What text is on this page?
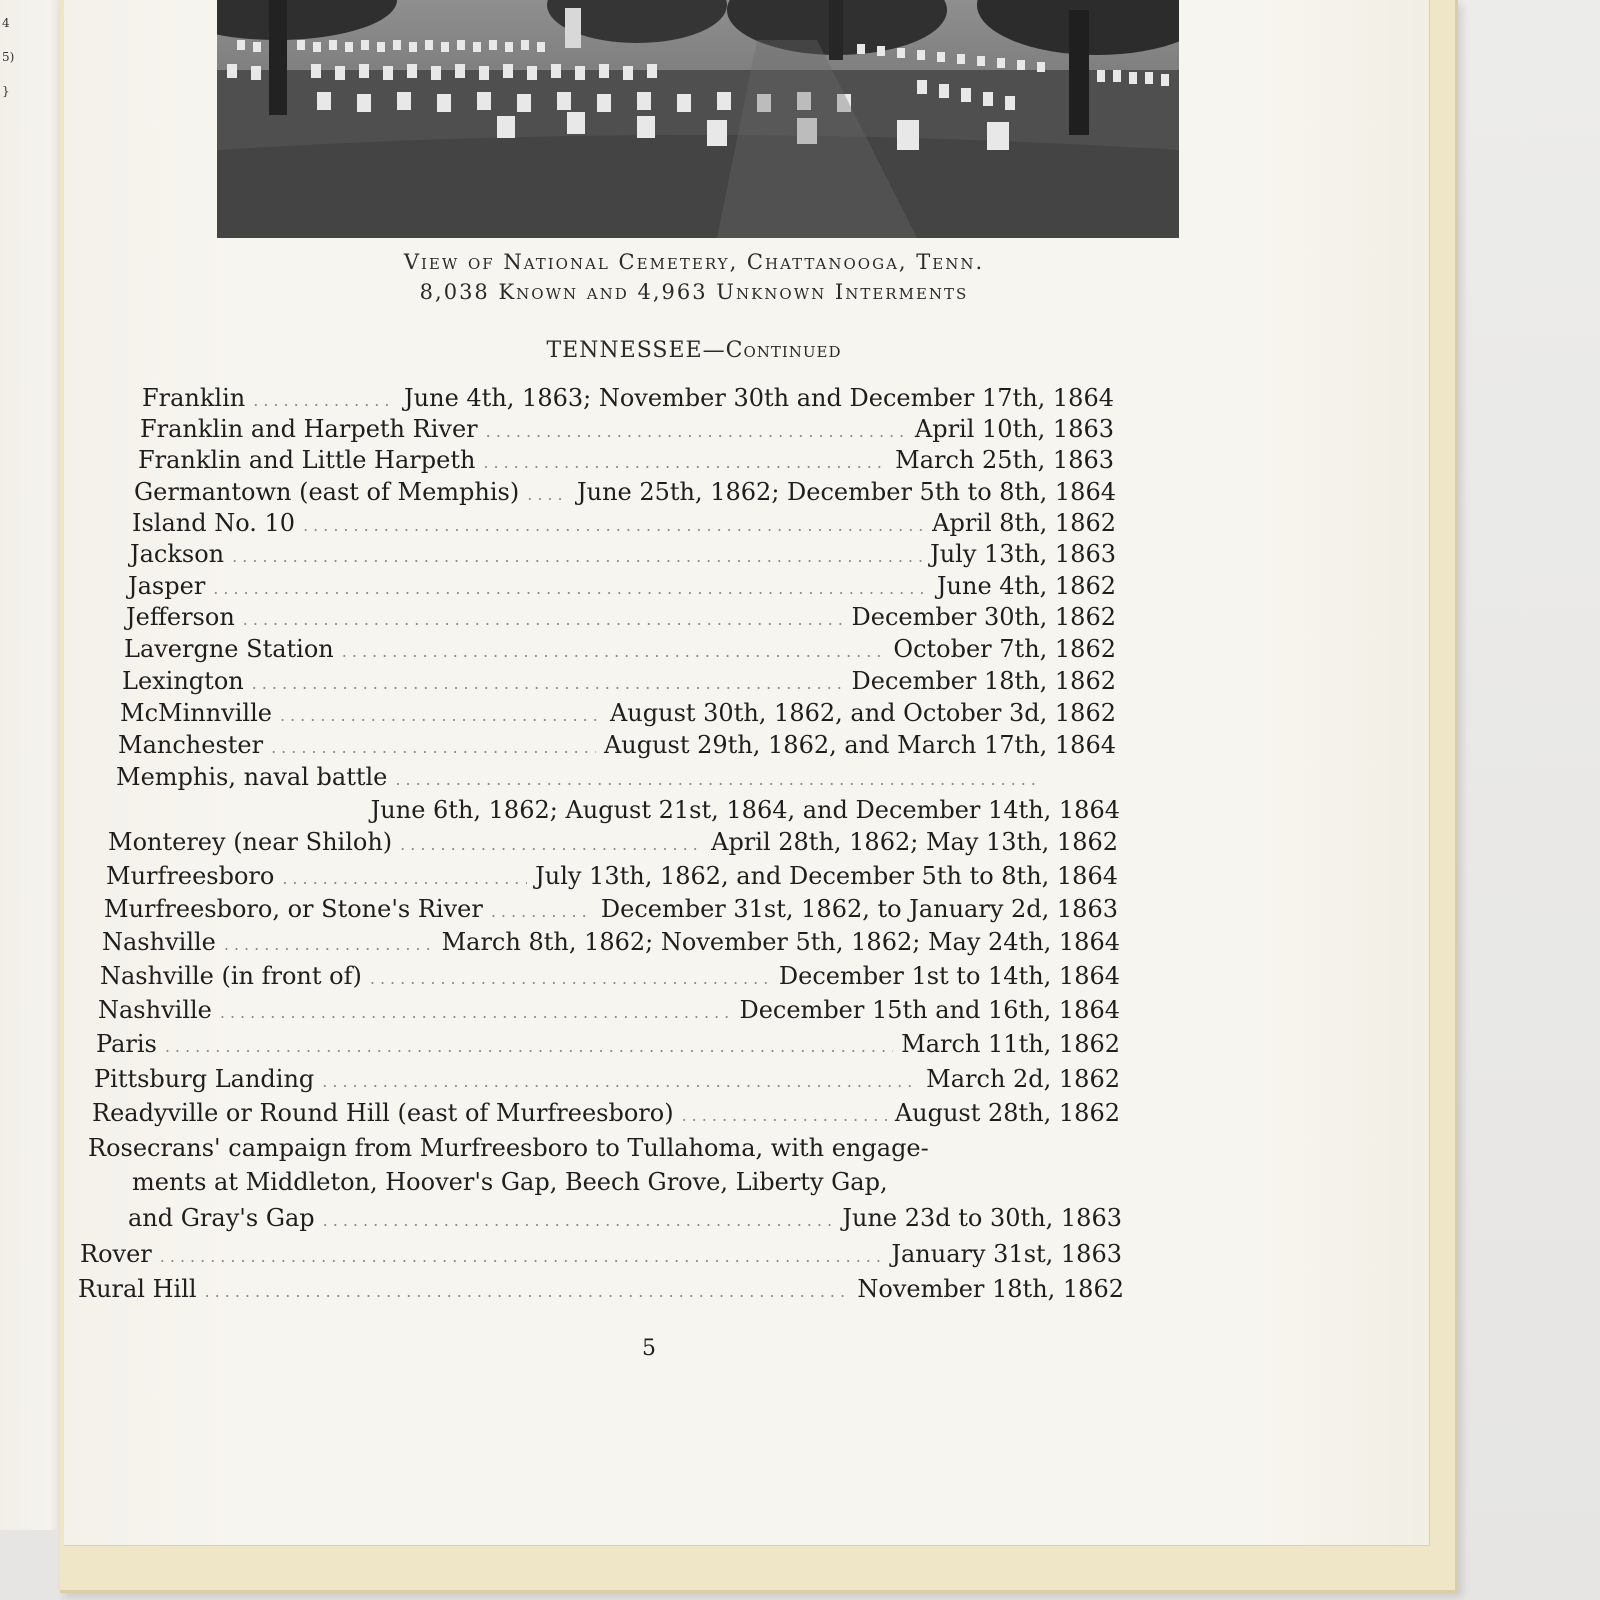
4
5)
}
View of National Cemetery, Chattanooga, Tenn.
8,038 Known and 4,963 Unknown Interments
TENNESSEE—Continued
Franklin .....	June 4th, 1863; November 30th and December 17th, 1864
Franklin and Harpeth River .....	April 10th, 1863
Franklin and Little Harpeth .....	March 25th, 1863
Germantown (east of Memphis) ..... June 25th, 1862; December 5th to 8th, 1864
Island No. 10 .....	April 8th, 1862
Jackson .....	July 13th, 1863
Jasper .....	June 4th, 1862
Jefferson .....	December 30th, 1862
Lavergne Station .....	October 7th, 1862
Lexington .....	December 18th, 1862
McMinnville .....	August 30th, 1862, and October 3d, 1862
Manchester .....	August 29th, 1862, and March 17th, 1864
Memphis, naval battle
.....
June 6th, 1862; August 21st, 1864, and December 14th, 1864
Monterey (near Shiloh) .....	April 28th, 1862; May 13th, 1862
Murfreesboro .....	July 13th, 1862, and December 5th to 8th, 1864
Murfreesboro, or Stone's River .....	December 31st, 1862, to January 2d, 1863
Nashville .....	March 8th, 1862; November 5th, 1862; May 24th, 1864
Nashville (in front of) .....	December 1st to 14th, 1864
Nashville .....	December 15th and 16th, 1864
Paris .....	March 11th, 1862
Pittsburg Landing .....	March 2d, 1862
Readyville or Round Hill (east of Murfreesboro) .....	August 28th, 1862
Rosecrans' campaign from Murfreesboro to Tullahoma, with engage-
ments at Middleton, Hoover's Gap, Beech Grove, Liberty Gap,
and Gray's Gap .....	June 23d to 30th, 1863
Rover .....	January 31st, 1863
Rural Hill .....	November 18th, 1862
5
